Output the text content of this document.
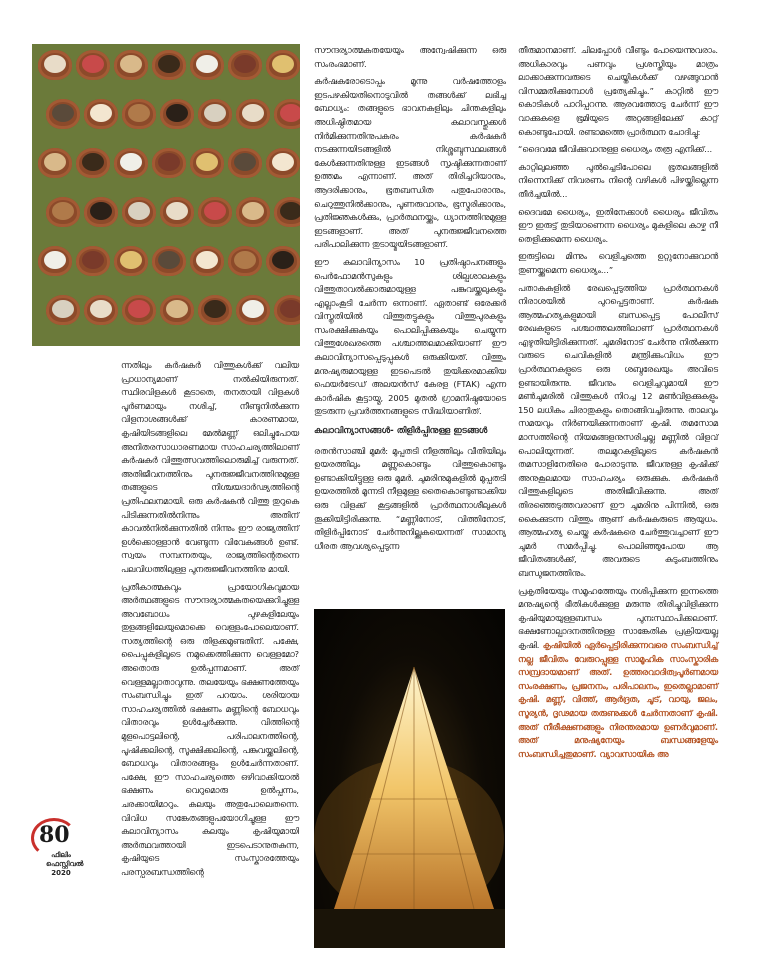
ന്നതിലും കർഷകർ വിത്തുകൾക്ക് വലിയ പ്രാധാന്യമാണ് നൽകിയിരുന്നത്. സ്ഥിരവിളകൾ കൂടാതെ, തനതായി വിളകൾ പൂർണമായും നശിച്ച്, നീണ്ടുനിൽക്കുന്ന വിളനാശങ്ങൾക്ക് കാരണമായ, കൃഷിയിടങ്ങളിലെ മേൽമണ്ണ് ഒലിച്ചുപോയ അനിതരസാധാരണമായ സാഹചര്യത്തിലാണ് കർഷകർ വിത്തുത്സവത്തിലൊരുമിച്ച് വരുന്നത്. അതിജീവനത്തിനും പുനരുജ്ജീവനത്തിനുമുള്ള തങ്ങളുടെ നിശ്ചയദാർഢ്യത്തിന്റെ പ്രതിഫലനമായി. ഒരു കർഷകൻ വിത്തു തുറുകെ പിടിക്കുന്നതിൽനിന്നും അതിന് കാവൽനിൽക്കുന്നതിൽ നിന്നും ഈ രാജ്യത്തിന് ഉൾക്കൊള്ളാൻ വേണ്ടുന്ന വിവേകങ്ങൾ ഉണ്ട്. സ്വയം സമ്പന്നതയും, രാജ്യത്തിന്റെതന്നെ പലവിധത്തിലുള്ള പുനരുജ്ജീവനത്തിനു മായി.

പ്രതീകാത്മകവും പ്രായോഗികവുമായ അർത്ഥങ്ങളുടെ സൗന്ദര്യാത്മകതയെക്കുറിച്ചുള്ള അവബോധം പുഴകളിലേയും തുളങ്ങളിലേയുമൊക്കെ വെള്ളംപോലെയാണ്. സത്യത്തിന്റെ ഒരു തിളക്കമുണ്ടതിന്. പക്ഷേ, പൈപ്പുകളിലൂടെ നമുക്കെത്തിക്കുന്ന വെള്ളമോ? അതൊരു ഉൽപ്പന്നമാണ്. അത് വെള്ളമല്ലാതാവുന്നു. തലയേയും ഭക്ഷണത്തേയും സംബന്ധിച്ചും ഇത് പറയാം. ശരിയായ സാഹചര്യത്തിൽ ഭക്ഷണം മണ്ണിന്റെ ബോധവും വിതാരവും ഉൾച്ചേർക്കുന്നു. വിത്തിന്റെ മുളപൊട്ടലിന്റെ, പരിപാലനത്തിന്റെ, പൂഷിക്കലിന്റെ, സൂക്ഷിക്കലിന്റെ, പങ്കുവയ്ക്കലിന്റെ, ബോധവും വിതാരങ്ങളും ഉൾചേർന്നതാണ്. പക്ഷേ, ഈ സാഹചര്യത്തെ ഒഴിവാക്കിയാൽ ഭക്ഷണം വെറുമൊരു ഉൽപ്പന്നം, ചരക്കായിമാറും. കലയും അതുപോലെതന്നെ. വിവിധ സങ്കേതങ്ങളുപയോഗിച്ചുള്ള ഈ കലാവിന്യാസം കലയും കൃഷിയുമായി അർത്ഥവത്തായി ഇടപെടാനുതകുന്ന, കൃഷിയുടെ സംസ്കാരത്തേയും പരസ്പരബന്ധത്തിന്റെ

80
ഫിലിം
ഫെസ്റ്റിവൽ
2020

സൗന്ദര്യാത്മകതയേയും അന്വേഷിക്കുന്ന ഒരു സംരംഭമാണ്.

കർഷകരോടൊപ്പം മൂന്നു വർഷത്തോളം ഇടപഴകിയതിനൊടുവിൽ തങ്ങൾക്ക് ലഭിച്ച ബോധ്യം: തങ്ങളുടെ ഭാവനകളിലും ചിന്തകളിലും അധിഷ്ഠിതമായ കലാവസ്തുക്കൾ നിർമിക്കുന്നതിനുപകരം കർഷകർ നടക്കുന്നയിടങ്ങളിൽ നിശ്ശബ്ദസ്ഥലങ്ങൾ കേൾക്കുന്നതിനുള്ള ഇടങ്ങൾ സൃഷ്ടിക്കുന്നതാണ് ഉത്തമം എന്നാണ്. അത് തിരിച്ചറിയാനും, ആദരിക്കാനും, ഭൂതബന്ധിത പതുപോരാനും, ചെറുത്തുനിൽക്കാനും, പൂണരുവാനും, ഭൂസ്മരിക്കാനും, പ്രതിജ്ഞകൾക്കും, പ്രാർത്ഥനയ്ക്കും, ധ്യാനത്തിനുമുള്ള ഇടങ്ങളാണ്. അത് പുനരുജ്ജീവനത്തെ പരിപാലിക്കുന്ന തുടായ്മയിടങ്ങളാണ്.

ഈ കലാവിന്യാസം 10 പ്രതിഷ്ഠാപനങ്ങളും പെർഫോമൻസുകളും ശില്പശാലകളും വിത്തുതാവൽക്കാരുമായുള്ള പങ്കുവയ്ക്കലുകളും എല്ലാംകൂടി ചേർന്ന ഒന്നാണ്. ഏതാണ്ട് ഒരേക്കർ വിസ്തൃതിയിൽ വിത്തുതട്ടുകളും വിത്തുപുരകളും സംരക്ഷിക്കുകയും പൊലിപ്പിക്കുകയും ചെയ്യുന്ന വിത്തുശേഖരത്തെ പശ്ചാത്തലമാക്കിയാണ് ഈ കലാവിന്യാസപ്പെടുപ്പുകൾ ഒരുക്കിയത്. വിത്തും മനുഷ്യരുമായുള്ള ഇടപെടൽ തുയിക്കരമാക്കിയ ഫെയർട്രേഡ് അലയൻസ് കേരള (FTAK) എന്ന കാർഷിക കൂട്ടായ്മ, 2005 മുതൽ ഗ്രാമനിഷ്ഠയോടെ തുടരുന്ന പ്രവർത്തനങ്ങളുടെ സിദ്ധിയാണിത്.

കലാവിന്യാസങ്ങൾ- തിളിർപ്പിനുള്ള ഇടങ്ങൾ

രതൻസാഞ്ചി മുമർ: മുപ്പതടി നീളത്തിലും വീതിയിലും ഉയരത്തിലും മണ്ണുകൊണ്ടും വിത്തുകൊണ്ടും ഉണ്ടാക്കിയിട്ടുള്ള ഒരു മുമർ. ചുമരിനുമുകളിൽ മുപ്പതടി ഉയരത്തിൽ മൂന്നടി നീളമുള്ള തൈകൊണ്ടുണ്ടാക്കിയ ഒരു വിളക്ക് കൂട്ടങ്ങളിൽ പ്രാർത്ഥനാശീലുകൾ തൂക്കിയിട്ടിരിക്കുന്നു. “മണ്ണിനോട്, വിത്തിനോട്, തിളിർപ്പിനോട് ചേർന്നുനില്ക്കുകയെന്നത് സാമാന്യ ധീരത ആവശ്യപ്പെടുന്ന

തീരുമാനമാണ്. ചിലപ്പോൾ വീണ്ടും പോയെന്നുവരാം. അധികാരവും പണവും പ്രശസ്തിയും മാത്രം ലാക്കാക്കുന്നവരുടെ ചെയ്തികൾക്ക് വഴങ്ങുവാൻ വിസമ്മതിക്കുമ്പോൾ പ്രത്യേകിച്ചും.” കാറ്റിൽ ഈ കൊടികൾ പാറിപ്പറന്നു. ആരവത്തോടു ചേർന്ന് ഈ വാക്കുകളെ ഭൂമിയുടെ അറ്റങ്ങളിലേക്ക് കാറ്റ് കൊണ്ടുപോയി. രണ്ടാമത്തെ പ്രാർത്ഥന ചോദിച്ചു:

“ദൈവമേ ജീവിക്കുവാനുള്ള ധൈര്യം തരൂ എനിക്ക്...

കാറ്റിലുലഞ്ഞ പുൽച്ചെടിപോലെ ഭൂതലങ്ങളിൽ നിന്നെനിക്ക് നിവരണം നിന്റെ വഴികൾ പിഴയ്ക്കില്ലെന്ന തീർച്ചയിൽ...

ദൈവമേ ധൈര്യം, ഇതിനേക്കാൾ ധൈര്യം ജീവിതം ഈ ഇരുട്ട് തുടിയാണെന്ന ധൈര്യം മുകളിലെ കാഴ്ച നീ തെളിക്കുമെന്ന ധൈര്യം.

ഇരുട്ടിലെ മിന്നും വെളിച്ചത്തെ ഉറ്റുനോക്കുവാൻ തുണയ്ക്കുമെന്ന ധൈര്യം...”

പതാകകളിൽ രേഖപ്പെടുത്തിയ പ്രാർത്ഥനകൾ നിരാശയിൽ പുറപ്പെട്ടതാണ്. കർഷക ആത്മഹത്യകളുമായി ബന്ധപ്പെട്ട പോലീസ് രേഖകളുടെ പശ്ചാത്തലത്തിലാണ് പ്രാർത്ഥനകൾ എഴുതിയിട്ടിരിക്കുന്നത്. ചുമരിനോട് ചേർന്നു നിൽക്കുന്ന വരുടെ ചെവികളിൽ മന്ത്രിക്കുംവിധം ഈ പ്രാർത്ഥനകളുടെ ഒരു ശബ്ദരേഖയും അവിടെ ഉണ്ടായിരുന്നു. ജീവനും വെളിച്ചവുമായി ഈ മൺചുമരിൽ വിത്തുകൾ നിറച്ച 12 മൺവിളക്കുകളും 150 ലധികം ചിരാതുകളും തൊങ്ങിവച്ചിരുന്നു. താലവും സമയവും നിർണയിക്കുന്നതാണ് കൃഷി. തമസോമ മാസത്തിന്റെ നിയമങ്ങളനുസരിച്ചല്ല മണ്ണിൽ വിളവ് പൊലിയുന്നത്. തലമുറകളിലൂടെ കർഷകൻ തമസാളിനേതിരെ പോരാടുന്നു. ജീവനുള്ള കൃഷിക്ക് അനുകൂലമായ സാഹചര്യം ഒരുക്കുക. കർഷകർ വിത്തുകളിലൂടെ അതിജീവിക്കുന്നു. അത് തിരഞ്ഞെടുത്തവരാണ് ഈ ചുമരിനു പിന്നിൽ, ഒരു കൈക്കുടന്ന വിത്തും ആണ് കർഷകരുടെ ആയുധം. ആത്മഹത്യ ചെയ്ത കർഷകരെ ചേർത്തുവച്ചാണ് ഈ ചുമർ സമർപ്പിച്ചു. പൊലിഞ്ഞുപോയ ആ ജീവിതങ്ങൾക്ക്, അവരുടെ കുടുംബത്തിനും ബന്ധുജനത്തിനും.

പ്രകൃതിയേയും സമൂഹത്തേയും നശിപ്പിക്കുന്ന ഇന്നത്തെ മനുഷ്യന്റെ ഭീതികൾക്കുള്ള മരുന്നു തിരിച്ചുവിളിക്കുന്ന കൃഷിയുമായുള്ളബന്ധം പുനഃസ്ഥാപിക്കലാണ്. ഭക്ഷണോല്പാദനത്തിനുള്ള സാങ്കേതിക പ്രക്രിയയല്ല കൃഷി. കൃഷിയിൽ ഏർപ്പെട്ടിരിക്കുന്നവരെ സംബന്ധിച്ച് നല്ല ജീവിതം വേരുറപ്പുള്ള സാമൂഹിക സാംസ്കാരിക സമ്പ്രദായമാണ് അത്. ഉത്തരവാദിത്വപൂർണമായ സംരക്ഷണം, പ്രജനനം, പരിപാലനം, ഇതെല്ലാമാണ് കൃഷി. മണ്ണ്, വിത്ത്, ആർദ്രത, ചൂട്, വായു, ജലം, സൂര്യൻ, ദൃഢമായ തരുണുക്കൾ ചേർന്നതാണ് കൃഷി. അത് നീരീക്ഷണങ്ങളും നിരന്തരമായ ഉണർവുമാണ്. അത് മനുഷ്യനേയും ബന്ധങ്ങളേയും സംബന്ധിച്ചതുമാണ്. വ്യാവസായിക അ
